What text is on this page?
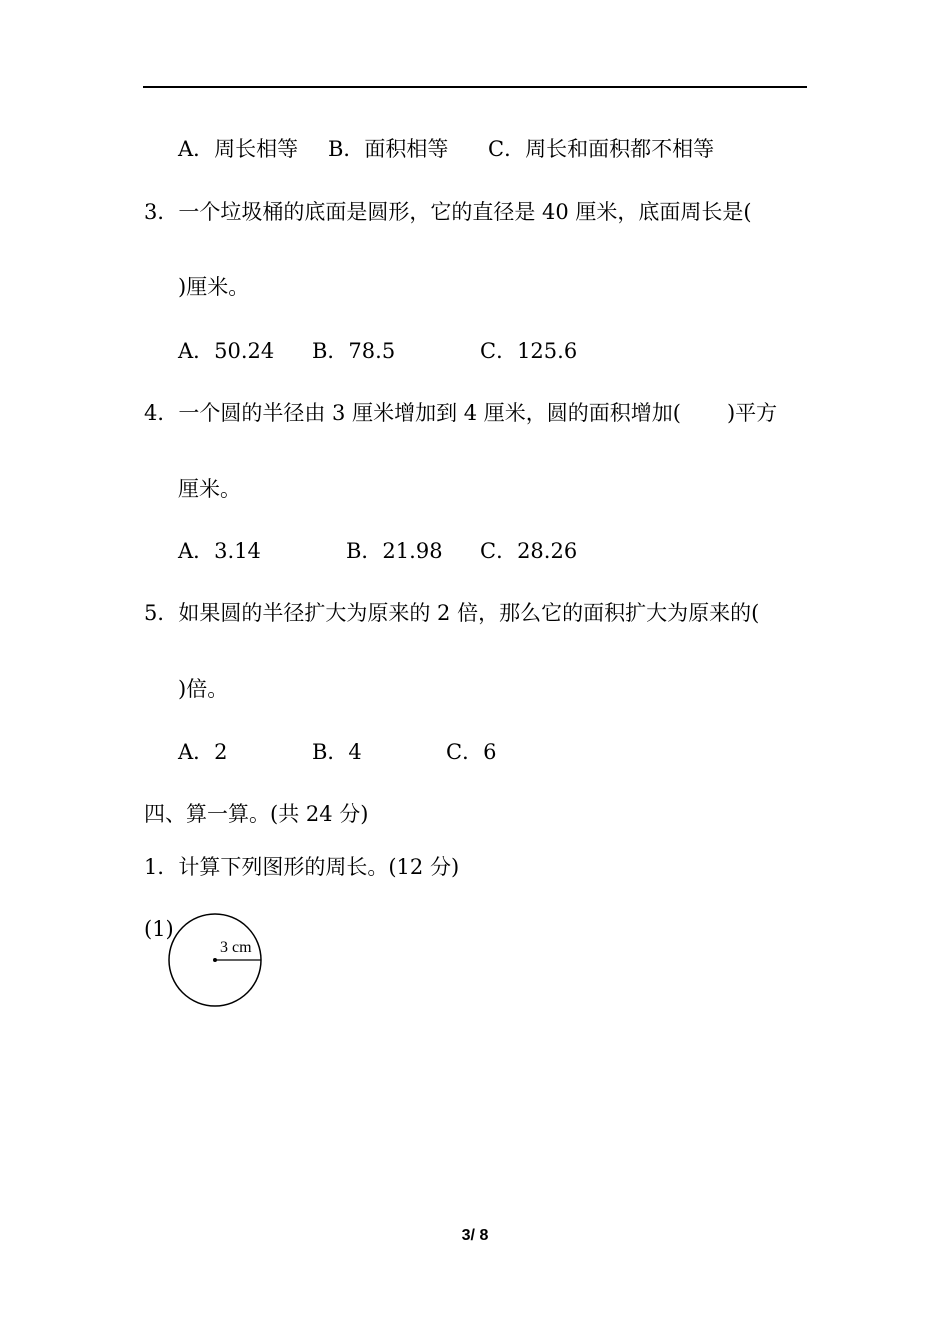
A．周长相等 B．面积相等 C．周长和面积都不相等
3．一个垃圾桶的底面是圆形，它的直径是 40 厘米，底面周长是(
)厘米。
A．50.24 B．78.5	C．125.6
4．一个圆的半径由 3 厘米增加到 4 厘米，圆的面积增加( )平方
厘米。
A．3.14	B．21.98 C．28.26
5．如果圆的半径扩大为原来的 2 倍，那么它的面积扩大为原来的(
)倍。
A．2	B．4	C．6
四、算一算。(共 24 分)
1．计算下列图形的周长。(12 分)
(1)
3 cm
3/ 8
